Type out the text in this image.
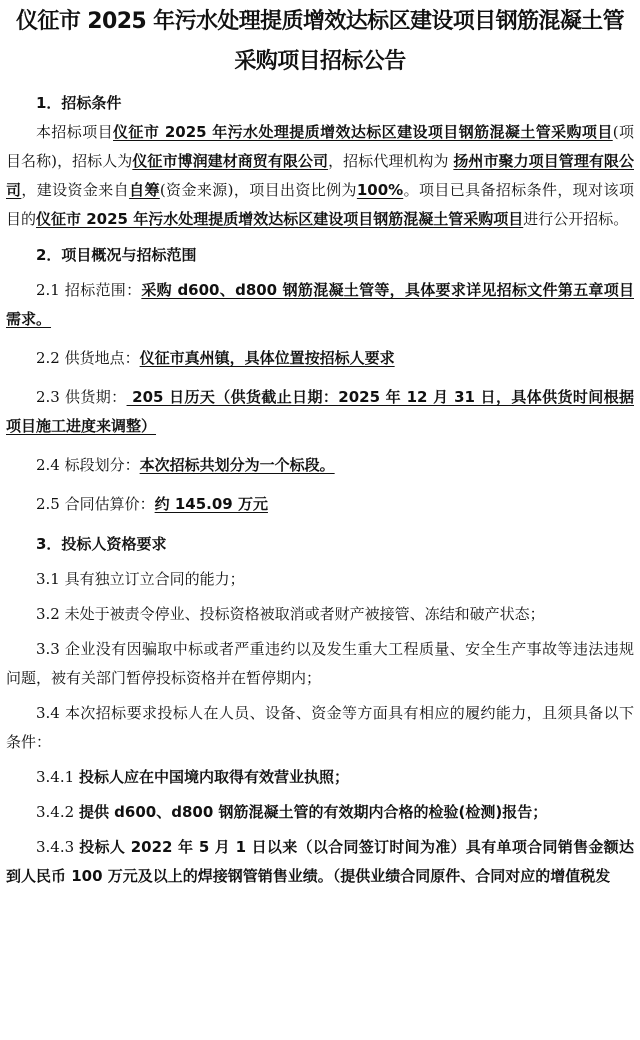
仪征市 2025 年污水处理提质增效达标区建设项目钢筋混凝土管
采购项目招标公告
1．招标条件

本招标项目仪征市 2025 年污水处理提质增效达标区建设项目钢筋混凝土管采购项目(项目名称)，招标人为仪征市博润建材商贸有限公司，招标代理机构为 扬州市聚力项目管理有限公司，建设资金来自自筹(资金来源)，项目出资比例为100%。项目已具备招标条件，现对该项目的仪征市 2025 年污水处理提质增效达标区建设项目钢筋混凝土管采购项目进行公开招标。

2．项目概况与招标范围

2.1 招标范围：采购 d600、d800 钢筋混凝土管等，具体要求详见招标文件第五章项目需求。

2.2 供货地点：仪征市真州镇，具体位置按招标人要求

2.3 供货期： 205 日历天（供货截止日期：2025 年 12 月 31 日，具体供货时间根据项目施工进度来调整）

2.4 标段划分：本次招标共划分为一个标段。

2.5 合同估算价：约 145.09 万元

3．投标人资格要求

3.1 具有独立订立合同的能力；

3.2 未处于被责令停业、投标资格被取消或者财产被接管、冻结和破产状态；

3.3 企业没有因骗取中标或者严重违约以及发生重大工程质量、安全生产事故等违法违规问题，被有关部门暂停投标资格并在暂停期内；

3.4 本次招标要求投标人在人员、设备、资金等方面具有相应的履约能力，且须具备以下条件：

3.4.1 投标人应在中国境内取得有效营业执照；

3.4.2 提供 d600、d800 钢筋混凝土管的有效期内合格的检验(检测)报告；

3.4.3 投标人 2022 年 5 月 1 日以来（以合同签订时间为准）具有单项合同销售金额达到人民币 100 万元及以上的焊接钢管销售业绩。（提供业绩合同原件、合同对应的增值税发
